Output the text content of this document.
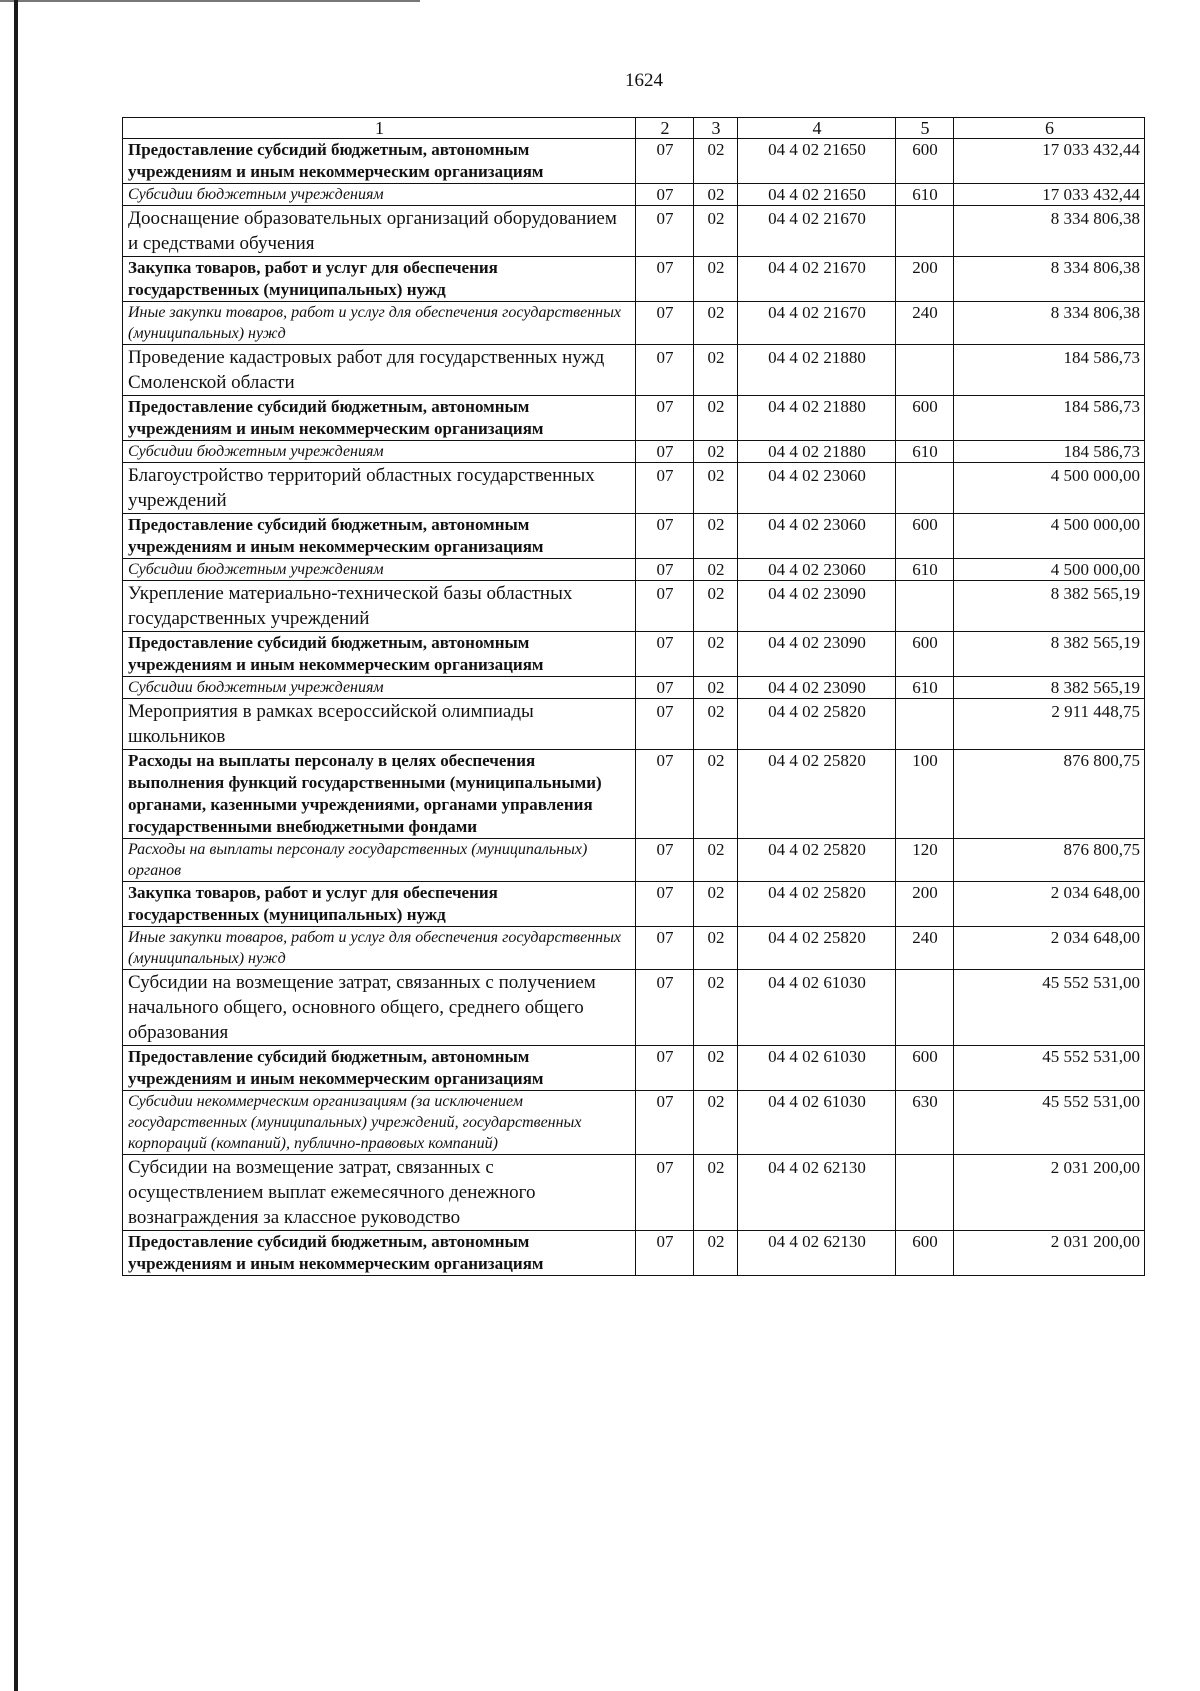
1624
1	2	3	4	5	6
Предоставление субсидий бюджетным, автономным учреждениям и иным некоммерческим организациям	07	02	04 4 02 21650	600	17 033 432,44
Субсидии бюджетным учреждениям	07	02	04 4 02 21650	610	17 033 432,44
Дооснащение образовательных организаций оборудованием и средствами обучения	07	02	04 4 02 21670		8 334 806,38
Закупка товаров, работ и услуг для обеспечения государственных (муниципальных) нужд	07	02	04 4 02 21670	200	8 334 806,38
Иные закупки товаров, работ и услуг для обеспечения государственных (муниципальных) нужд	07	02	04 4 02 21670	240	8 334 806,38
Проведение кадастровых работ для государственных нужд Смоленской области	07	02	04 4 02 21880		184 586,73
Предоставление субсидий бюджетным, автономным учреждениям и иным некоммерческим организациям	07	02	04 4 02 21880	600	184 586,73
Субсидии бюджетным учреждениям	07	02	04 4 02 21880	610	184 586,73
Благоустройство территорий областных государственных учреждений	07	02	04 4 02 23060		4 500 000,00
Предоставление субсидий бюджетным, автономным учреждениям и иным некоммерческим организациям	07	02	04 4 02 23060	600	4 500 000,00
Субсидии бюджетным учреждениям	07	02	04 4 02 23060	610	4 500 000,00
Укрепление материально-технической базы областных государственных учреждений	07	02	04 4 02 23090		8 382 565,19
Предоставление субсидий бюджетным, автономным учреждениям и иным некоммерческим организациям	07	02	04 4 02 23090	600	8 382 565,19
Субсидии бюджетным учреждениям	07	02	04 4 02 23090	610	8 382 565,19
Мероприятия в рамках всероссийской олимпиады школьников	07	02	04 4 02 25820		2 911 448,75
Расходы на выплаты персоналу в целях обеспечения выполнения функций государственными (муниципальными) органами, казенными учреждениями, органами управления государственными внебюджетными фондами	07	02	04 4 02 25820	100	876 800,75
Расходы на выплаты персоналу государственных (муниципальных) органов	07	02	04 4 02 25820	120	876 800,75
Закупка товаров, работ и услуг для обеспечения государственных (муниципальных) нужд	07	02	04 4 02 25820	200	2 034 648,00
Иные закупки товаров, работ и услуг для обеспечения государственных (муниципальных) нужд	07	02	04 4 02 25820	240	2 034 648,00
Субсидии на возмещение затрат, связанных с получением начального общего, основного общего, среднего общего образования	07	02	04 4 02 61030		45 552 531,00
Предоставление субсидий бюджетным, автономным учреждениям и иным некоммерческим организациям	07	02	04 4 02 61030	600	45 552 531,00
Субсидии некоммерческим организациям (за исключением государственных (муниципальных) учреждений, государственных корпораций (компаний), публично-правовых компаний)	07	02	04 4 02 61030	630	45 552 531,00
Субсидии на возмещение затрат, связанных с осуществлением выплат ежемесячного денежного вознаграждения за классное руководство	07	02	04 4 02 62130		2 031 200,00
Предоставление субсидий бюджетным, автономным учреждениям и иным некоммерческим организациям	07	02	04 4 02 62130	600	2 031 200,00
